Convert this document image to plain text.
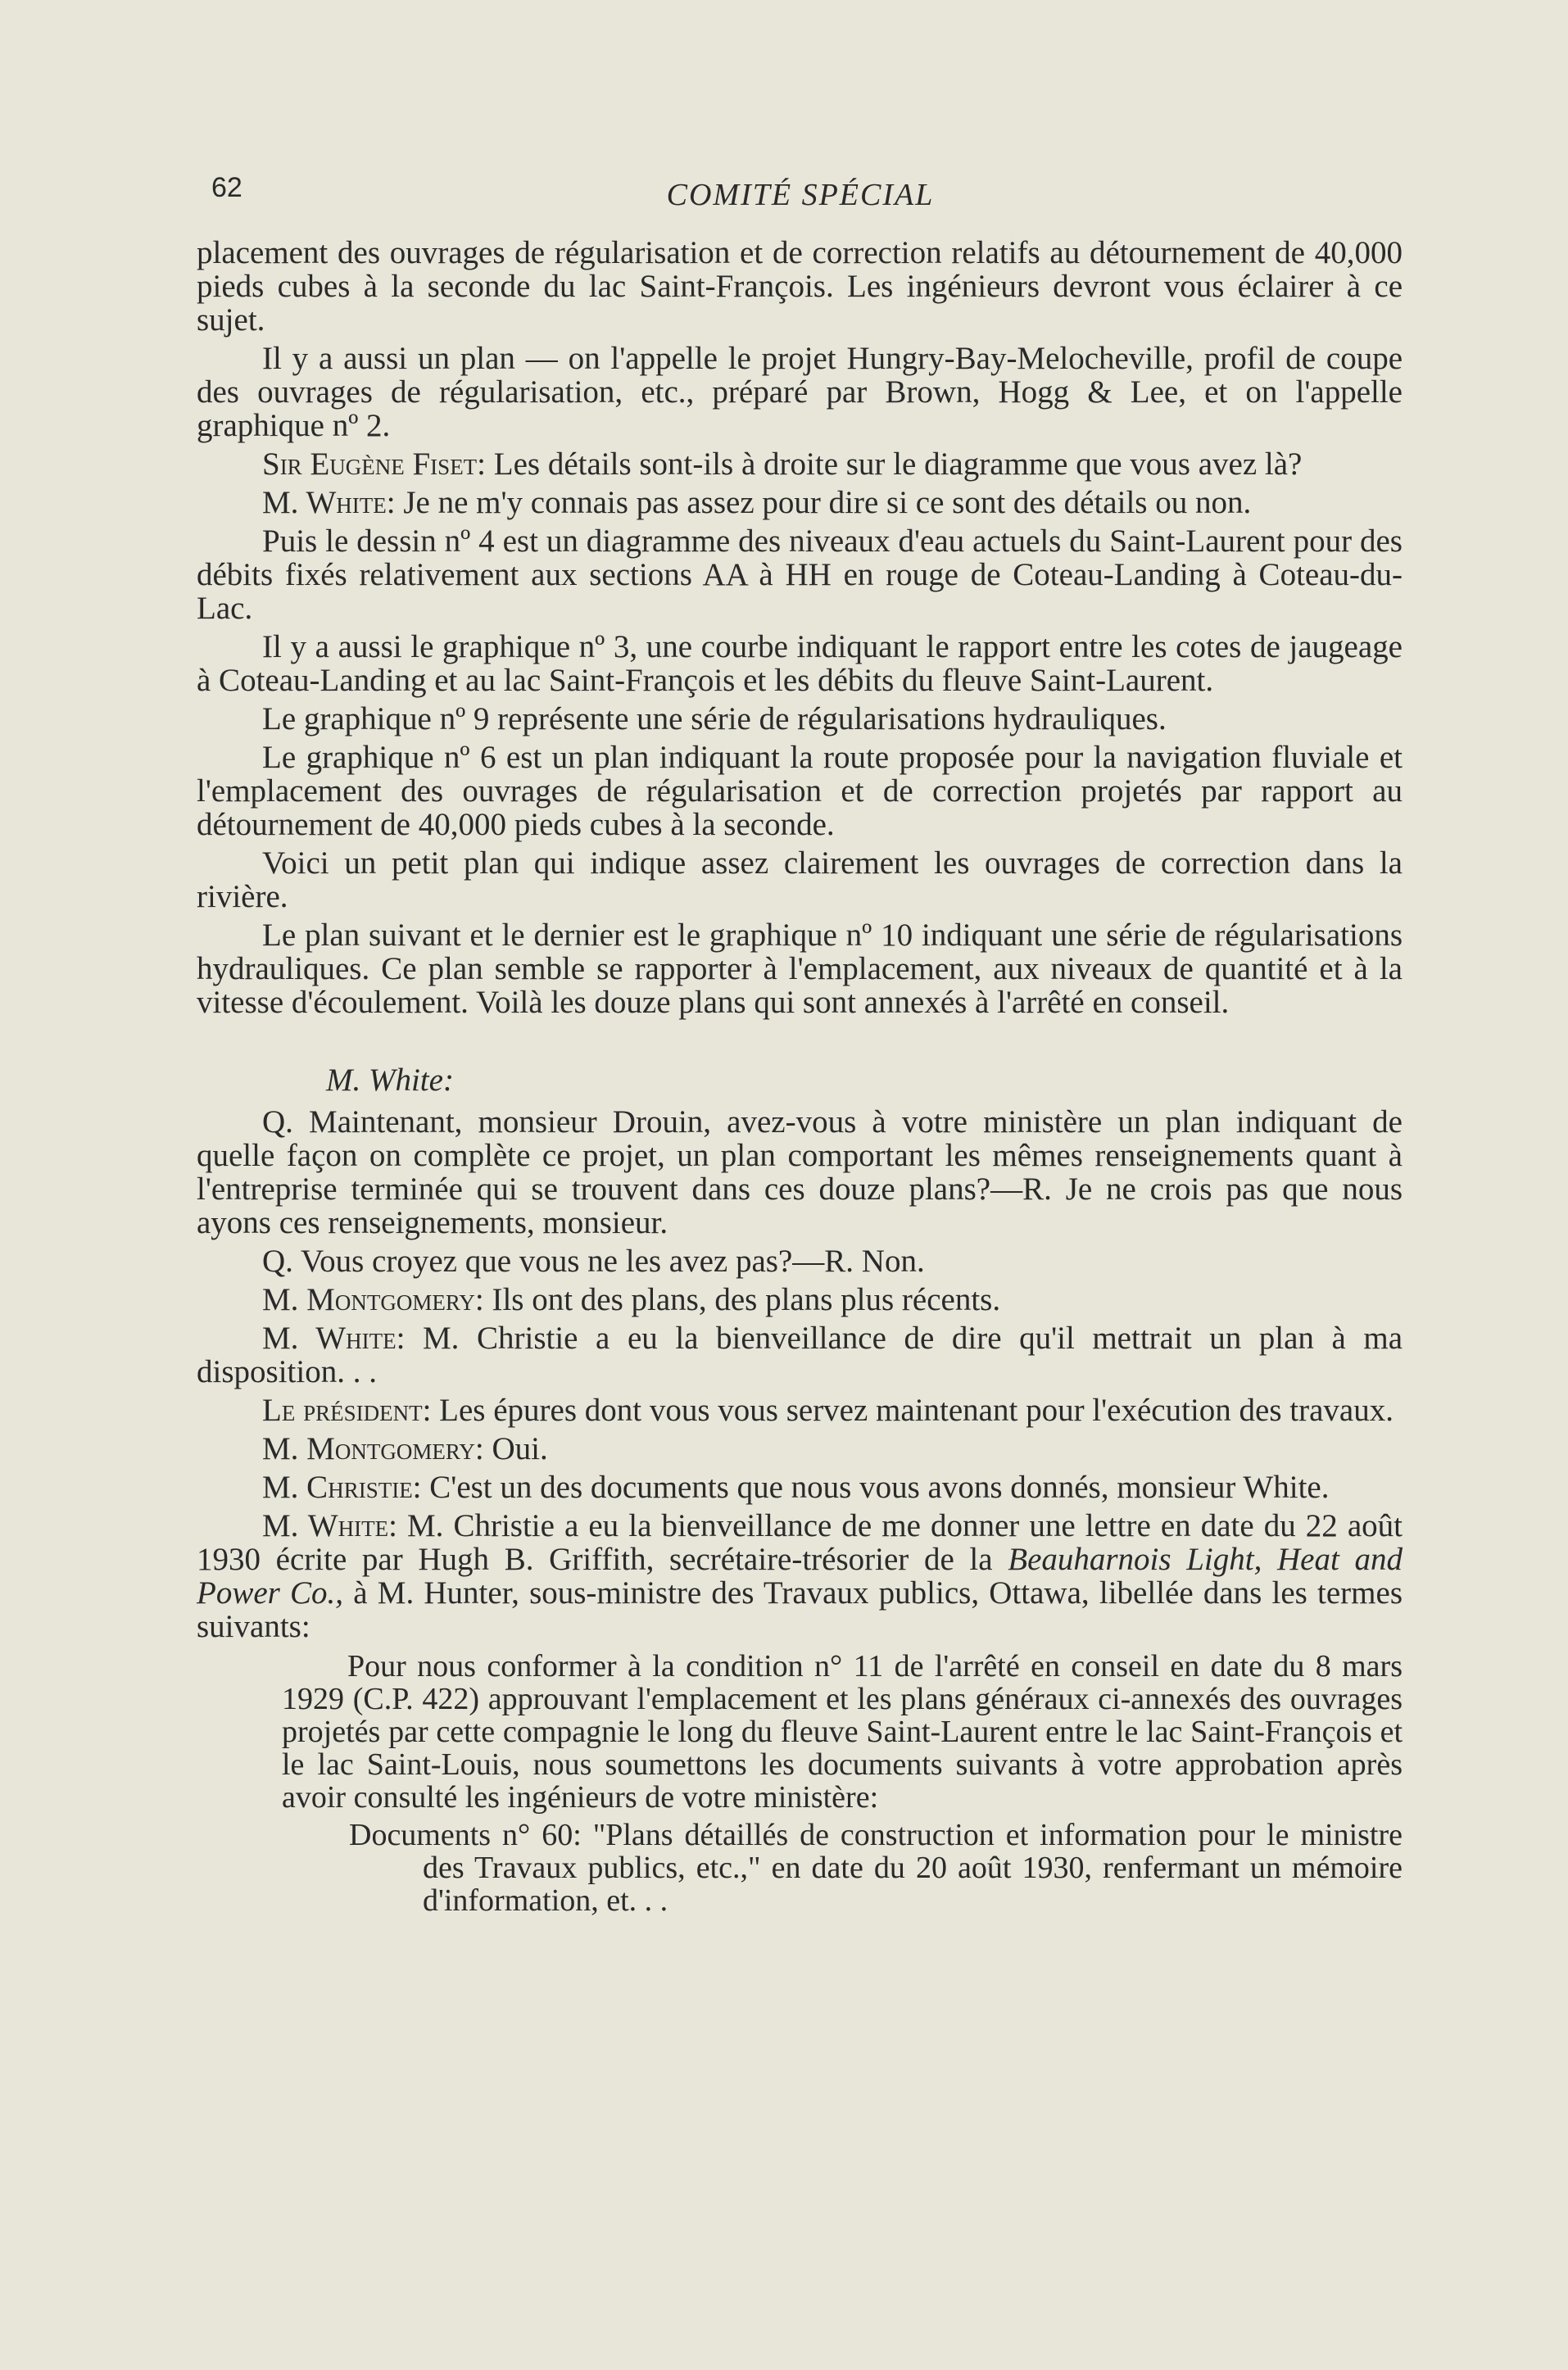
62	COMITÉ SPÉCIAL

placement des ouvrages de régularisation et de correction relatifs au détournement de 40,000 pieds cubes à la seconde du lac Saint-François. Les ingénieurs devront vous éclairer à ce sujet.

Il y a aussi un plan — on l'appelle le projet Hungry-Bay-Melocheville, profil de coupe des ouvrages de régularisation, etc., préparé par Brown, Hogg & Lee, et on l'appelle graphique nº 2.

Sir Eugène Fiset: Les détails sont-ils à droite sur le diagramme que vous avez là?

M. White: Je ne m'y connais pas assez pour dire si ce sont des détails ou non.

Puis le dessin nº 4 est un diagramme des niveaux d'eau actuels du Saint-Laurent pour des débits fixés relativement aux sections AA à HH en rouge de Coteau-Landing à Coteau-du-Lac.

Il y a aussi le graphique nº 3, une courbe indiquant le rapport entre les cotes de jaugeage à Coteau-Landing et au lac Saint-François et les débits du fleuve Saint-Laurent.

Le graphique nº 9 représente une série de régularisations hydrauliques.

Le graphique nº 6 est un plan indiquant la route proposée pour la navigation fluviale et l'emplacement des ouvrages de régularisation et de correction projetés par rapport au détournement de 40,000 pieds cubes à la seconde.

Voici un petit plan qui indique assez clairement les ouvrages de correction dans la rivière.

Le plan suivant et le dernier est le graphique nº 10 indiquant une série de régularisations hydrauliques. Ce plan semble se rapporter à l'emplacement, aux niveaux de quantité et à la vitesse d'écoulement. Voilà les douze plans qui sont annexés à l'arrêté en conseil.

M. White:

Q. Maintenant, monsieur Drouin, avez-vous à votre ministère un plan indiquant de quelle façon on complète ce projet, un plan comportant les mêmes renseignements quant à l'entreprise terminée qui se trouvent dans ces douze plans?—R. Je ne crois pas que nous ayons ces renseignements, monsieur.

Q. Vous croyez que vous ne les avez pas?—R. Non.

M. Montgomery: Ils ont des plans, des plans plus récents.

M. White: M. Christie a eu la bienveillance de dire qu'il mettrait un plan à ma disposition. . .

Le président: Les épures dont vous vous servez maintenant pour l'exécution des travaux.

M. Montgomery: Oui.

M. Christie: C'est un des documents que nous vous avons donnés, monsieur White.

M. White: M. Christie a eu la bienveillance de me donner une lettre en date du 22 août 1930 écrite par Hugh B. Griffith, secrétaire-trésorier de la Beauharnois Light, Heat and Power Co., à M. Hunter, sous-ministre des Travaux publics, Ottawa, libellée dans les termes suivants:

Pour nous conformer à la condition n° 11 de l'arrêté en conseil en date du 8 mars 1929 (C.P. 422) approuvant l'emplacement et les plans généraux ci-annexés des ouvrages projetés par cette compagnie le long du fleuve Saint-Laurent entre le lac Saint-François et le lac Saint-Louis, nous soumettons les documents suivants à votre approbation après avoir consulté les ingénieurs de votre ministère:

Documents n° 60: "Plans détaillés de construction et information pour le ministre des Travaux publics, etc.," en date du 20 août 1930, renfermant un mémoire d'information, et. . .
